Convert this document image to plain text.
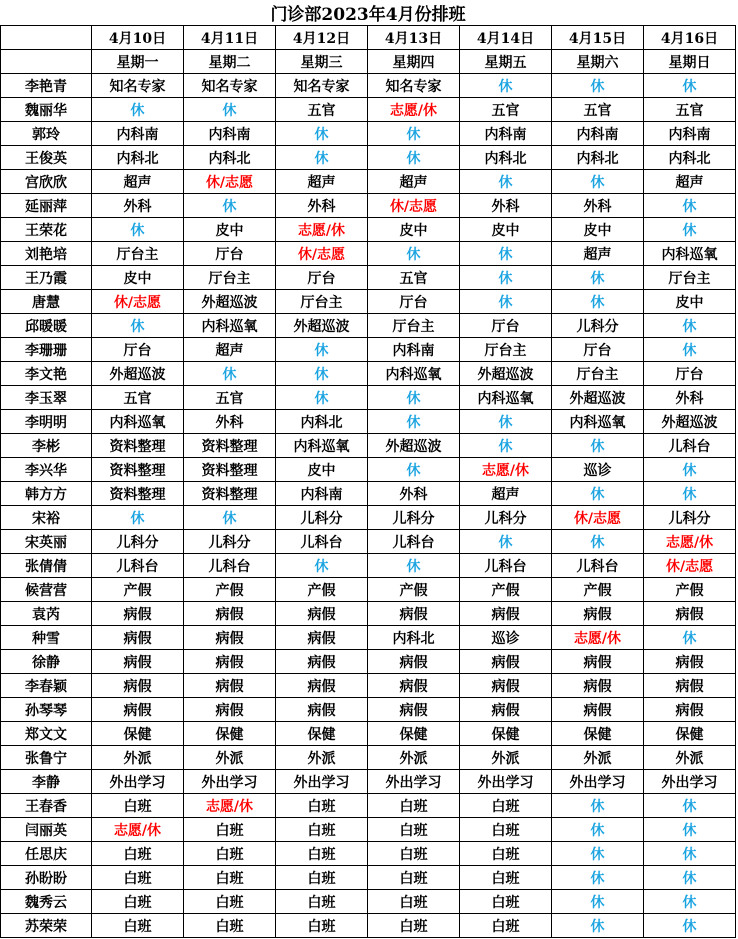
门诊部2023年4月份排班							
	4月10日	4月11日	4月12日	4月13日	4月14日	4月15日	4月16日
	星期一	星期二	星期三	星期四	星期五	星期六	星期日
李艳青	知名专家	知名专家	知名专家	知名专家	休	休	休
魏丽华	休	休	五官	志愿/休	五官	五官	五官
郭玲	内科南	内科南	休	休	内科南	内科南	内科南
王俊英	内科北	内科北	休	休	内科北	内科北	内科北
宫欣欣	超声	休/志愿	超声	超声	休	休	超声
延丽萍	外科	休	外科	休/志愿	外科	外科	休
王荣花	休	皮中	志愿/休	皮中	皮中	皮中	休
刘艳培	厅台主	厅台	休/志愿	休	休	超声	内科巡氧
王乃霞	皮中	厅台主	厅台	五官	休	休	厅台主
唐慧	休/志愿	外超巡波	厅台主	厅台	休	休	皮中
邱暖暖	休	内科巡氧	外超巡波	厅台主	厅台	儿科分	休
李珊珊	厅台	超声	休	内科南	厅台主	厅台	休
李文艳	外超巡波	休	休	内科巡氧	外超巡波	厅台主	厅台
李玉翠	五官	五官	休	休	内科巡氧	外超巡波	外科
李明明	内科巡氧	外科	内科北	休	休	内科巡氧	外超巡波
李彬	资料整理	资料整理	内科巡氧	外超巡波	休	休	儿科台
李兴华	资料整理	资料整理	皮中	休	志愿/休	巡诊	休
韩方方	资料整理	资料整理	内科南	外科	超声	休	休
宋裕	休	休	儿科分	儿科分	儿科分	休/志愿	儿科分
宋英丽	儿科分	儿科分	儿科台	儿科台	休	休	志愿/休
张倩倩	儿科台	儿科台	休	休	儿科台	儿科台	休/志愿
候营营	产假	产假	产假	产假	产假	产假	产假
袁芮	病假	病假	病假	病假	病假	病假	病假
种雪	病假	病假	病假	内科北	巡诊	志愿/休	休
徐静	病假	病假	病假	病假	病假	病假	病假
李春颖	病假	病假	病假	病假	病假	病假	病假
孙琴琴	病假	病假	病假	病假	病假	病假	病假
郑文文	保健	保健	保健	保健	保健	保健	保健
张鲁宁	外派	外派	外派	外派	外派	外派	外派
李静	外出学习	外出学习	外出学习	外出学习	外出学习	外出学习	外出学习
王春香	白班	志愿/休	白班	白班	白班	休	休
闫丽英	志愿/休	白班	白班	白班	白班	休	休
任思庆	白班	白班	白班	白班	白班	休	休
孙盼盼	白班	白班	白班	白班	白班	休	休
魏秀云	白班	白班	白班	白班	白班	休	休
苏荣荣	白班	白班	白班	白班	白班	休	休
